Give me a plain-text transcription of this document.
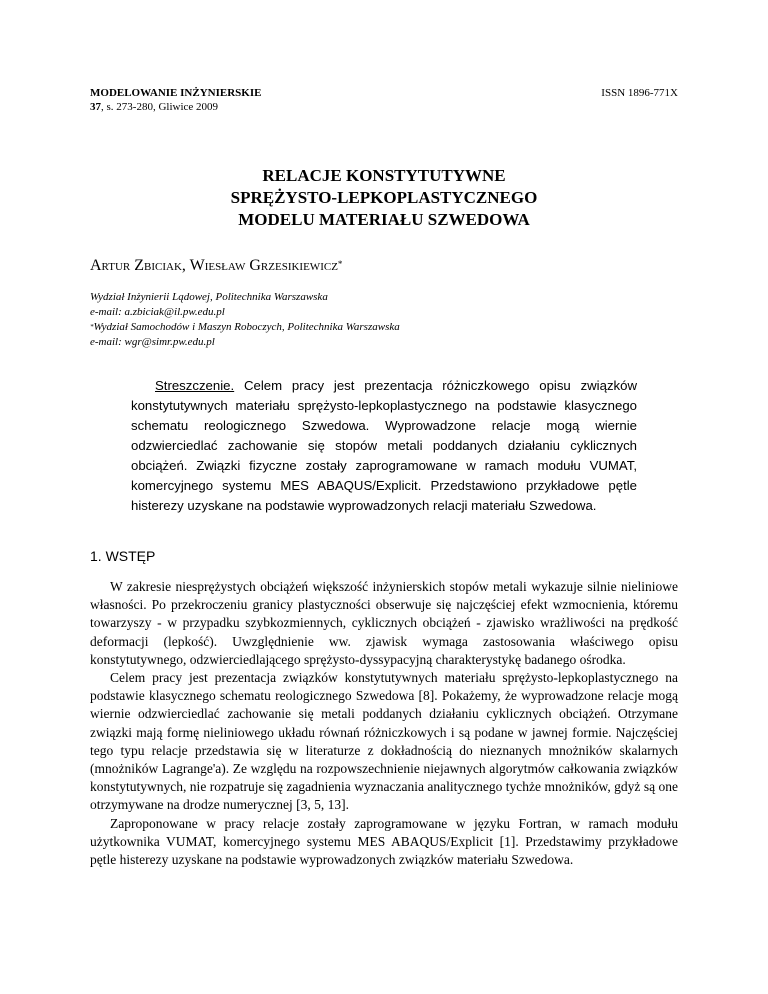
MODELOWANIE INŻYNIERSKIE
37, s. 273-280, Gliwice 2009
ISSN 1896-771X
RELACJE KONSTYTUTYWNE
SPRĘŻYSTO-LEPKOPLASTYCZNEGO
MODELU MATERIAŁU SZWEDOWA
Artur Zbiciak, Wiesław Grzesikiewicz*
Wydział Inżynierii Lądowej, Politechnika Warszawska
e-mail: a.zbiciak@il.pw.edu.pl
*Wydział Samochodów i Maszyn Roboczych, Politechnika Warszawska
e-mail: wgr@simr.pw.edu.pl
Streszczenie. Celem pracy jest prezentacja różniczkowego opisu związków konstytutywnych materiału sprężysto-lepkoplastycznego na podstawie klasycznego schematu reologicznego Szwedowa. Wyprowadzone relacje mogą wiernie odzwierciedlać zachowanie się stopów metali poddanych działaniu cyklicznych obciążeń. Związki fizyczne zostały zaprogramowane w ramach modułu VUMAT, komercyjnego systemu MES ABAQUS/Explicit. Przedstawiono przykładowe pętle histerezy uzyskane na podstawie wyprowadzonych relacji materiału Szwedowa.
1. WSTĘP

W zakresie niesprężystych obciążeń większość inżynierskich stopów metali wykazuje silnie nieliniowe własności. Po przekroczeniu granicy plastyczności obserwuje się najczęściej efekt wzmocnienia, któremu towarzyszy - w przypadku szybkozmiennych, cyklicznych obciążeń - zjawisko wrażliwości na prędkość deformacji (lepkość). Uwzględnienie ww. zjawisk wymaga zastosowania właściwego opisu konstytutywnego, odzwierciedlającego sprężysto-dyssypacyjną charakterystykę badanego ośrodka.

Celem pracy jest prezentacja związków konstytutywnych materiału sprężysto-lepkoplastycznego na podstawie klasycznego schematu reologicznego Szwedowa [8]. Pokażemy, że wyprowadzone relacje mogą wiernie odzwierciedlać zachowanie się metali poddanych działaniu cyklicznych obciążeń. Otrzymane związki mają formę nieliniowego układu równań różniczkowych i są podane w jawnej formie. Najczęściej tego typu relacje przedstawia się w literaturze z dokładnością do nieznanych mnożników skalarnych (mnożników Lagrange'a). Ze względu na rozpowszechnienie niejawnych algorytmów całkowania związków konstytutywnych, nie rozpatruje się zagadnienia wyznaczania analitycznego tychże mnożników, gdyż są one otrzymywane na drodze numerycznej [3, 5, 13].

Zaproponowane w pracy relacje zostały zaprogramowane w języku Fortran, w ramach modułu użytkownika VUMAT, komercyjnego systemu MES ABAQUS/Explicit [1]. Przedstawimy przykładowe pętle histerezy uzyskane na podstawie wyprowadzonych związków materiału Szwedowa.
